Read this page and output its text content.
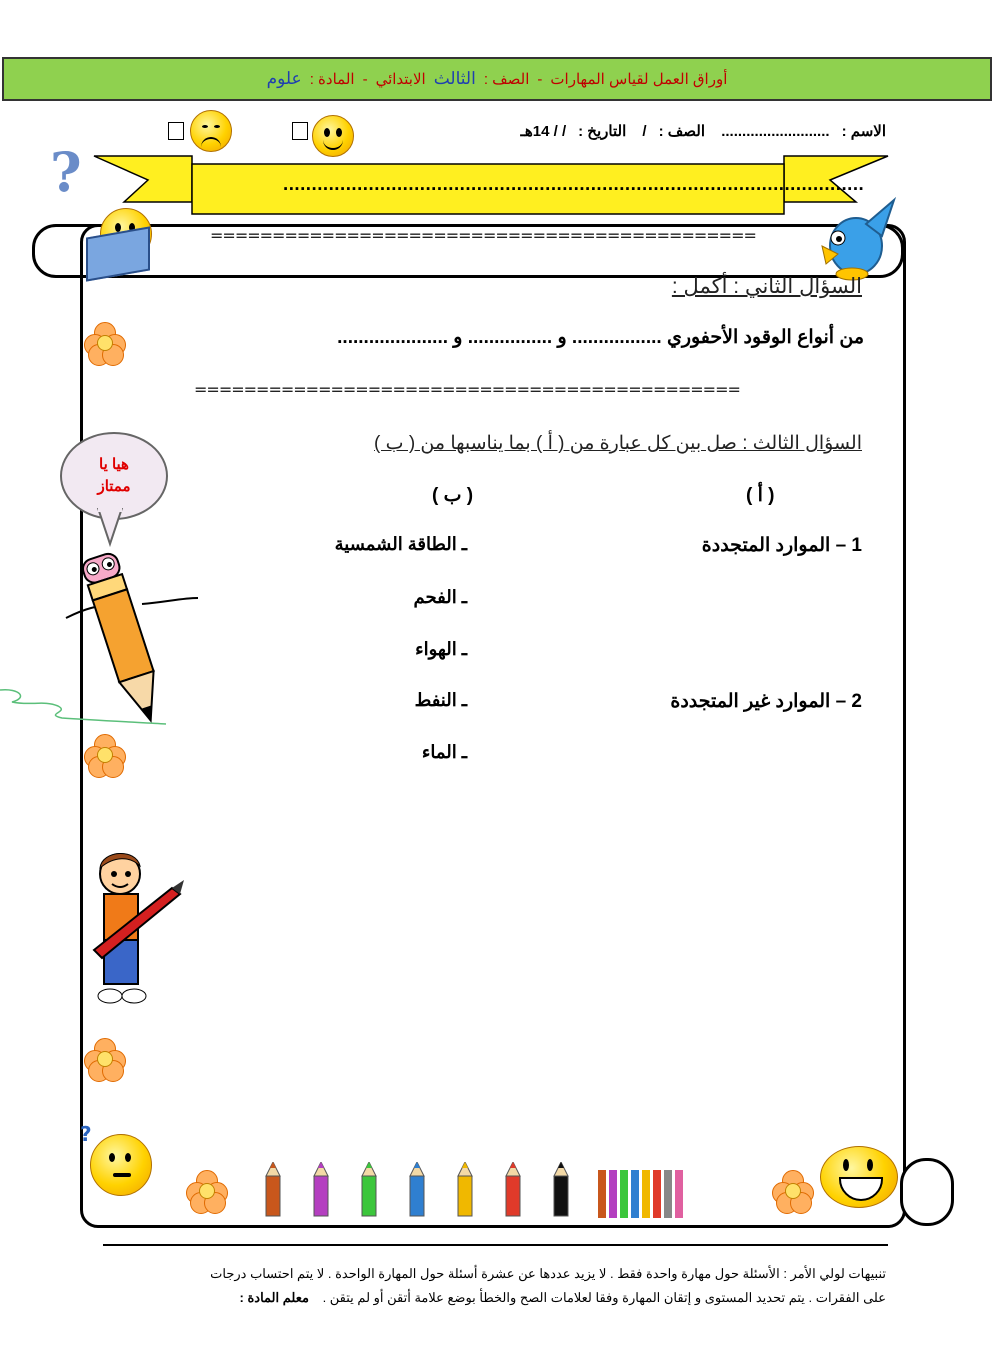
أوراق العمل لقياس المهارات
-
الصف :
الثالث
الابتدائي
-
المادة :
علوم
الاسم :.......................... الصف :/ التاريخ :/ / 14هـ
?	......................................................................................................
============================================
السؤال الثاني : أكمل :
من أنواع الوقود الأحفوري ................. و ................ و .....................
============================================
السؤال الثالث : صل بين كل عبارة من ( أ ) بما يناسبها من ( ب )
( أ )
( ب )
1 – الموارد المتجددة
2 – الموارد غير المتجددة
ـ الطاقة الشمسية
ـ الفحم
ـ الهواء
ـ النفط
ـ الماء
هيا يا
ممتاز
?
تنبيهات لولي الأمر : الأسئلة حول مهارة واحدة فقط . لا يزيد عددها عن عشرة أسئلة حول المهارة الواحدة . لا يتم احتساب درجات
على الفقرات . يتم تحديد المستوى و إتقان المهارة وفقا لعلامات الصح والخطأ بوضع علامة أتقن أو لم يتقن . معلم المادة :
